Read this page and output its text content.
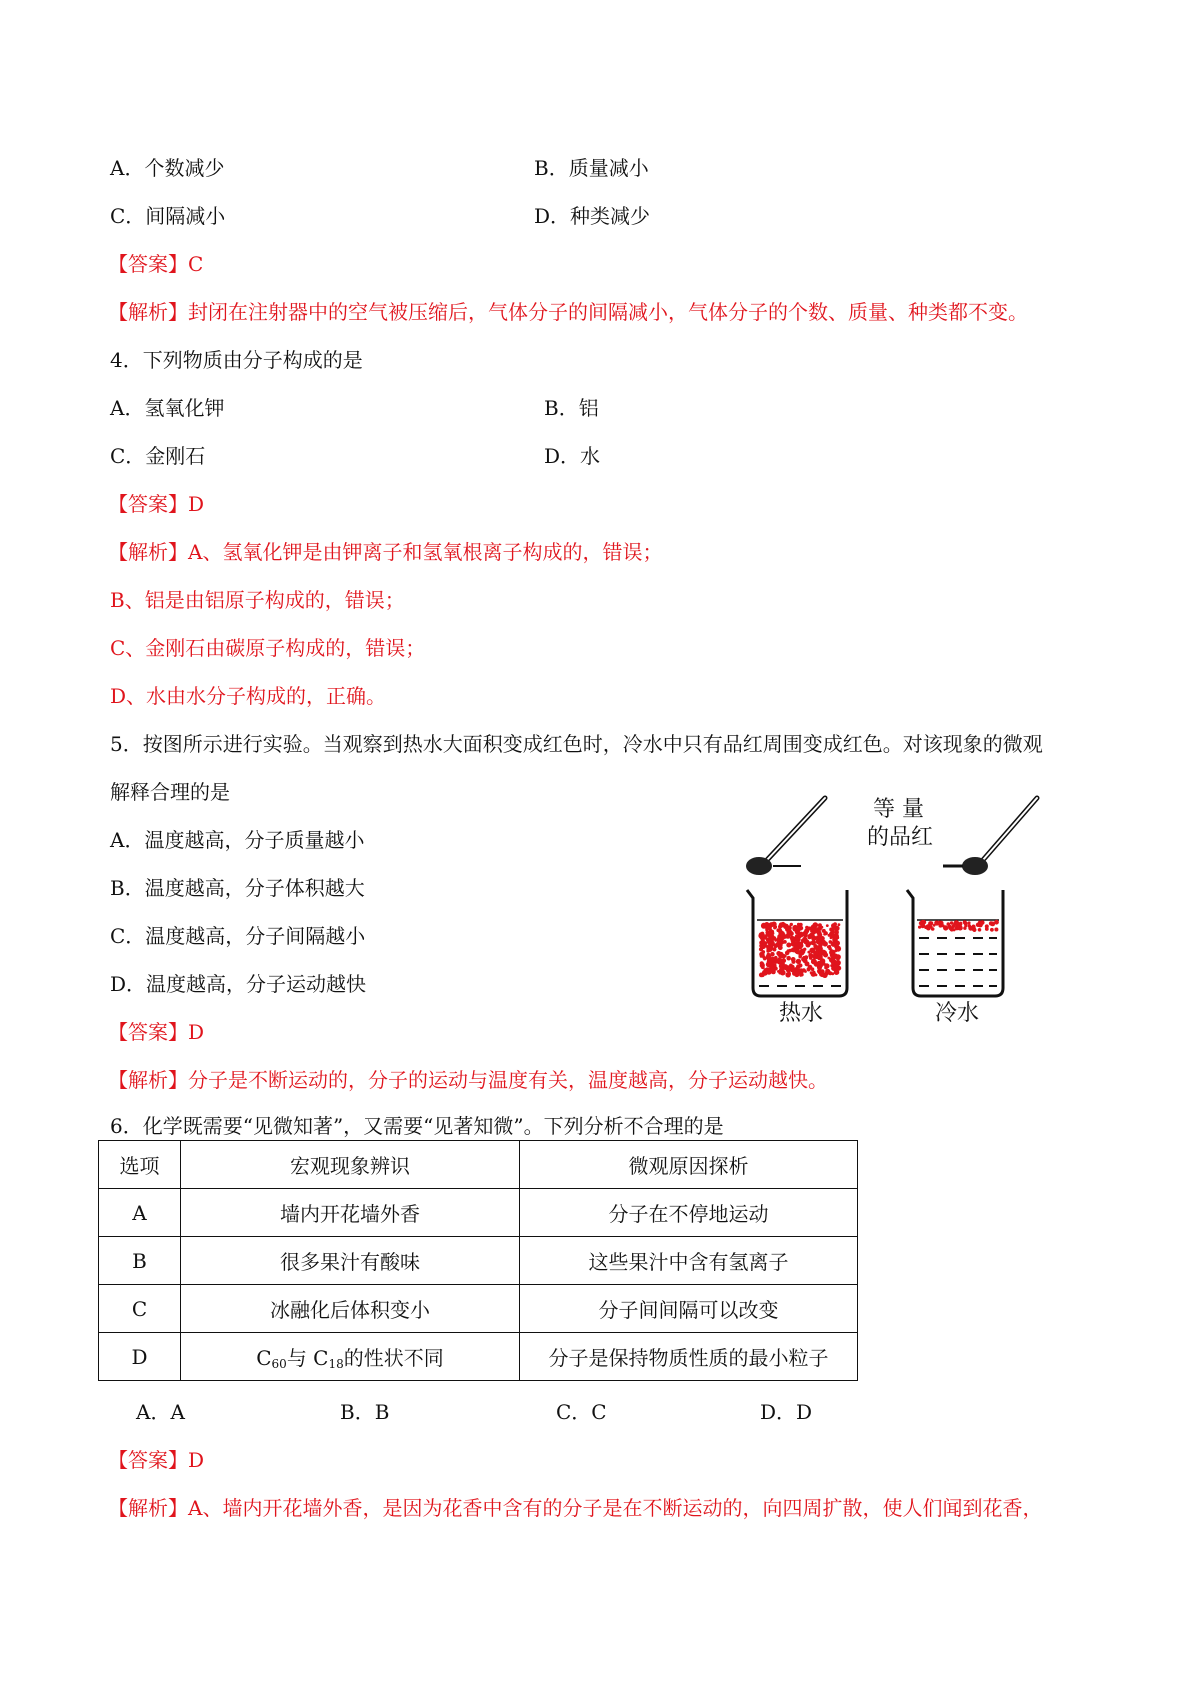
A．个数减少	B．质量减小
C．间隔减小	D．种类减少
【答案】C
【解析】封闭在注射器中的空气被压缩后，气体分子的间隔减小，气体分子的个数、质量、种类都不变。
4．下列物质由分子构成的是
A．氢氧化钾	B．铝
C．金刚石	D．水
【答案】D
【解析】A、氢氧化钾是由钾离子和氢氧根离子构成的，错误；
B、铝是由铝原子构成的，错误；
C、金刚石由碳原子构成的，错误；
D、水由水分子构成的，正确。
5．按图所示进行实验。当观察到热水大面积变成红色时，冷水中只有品红周围变成红色。对该现象的微观
解释合理的是
A．温度越高，分子质量越小
B．温度越高，分子体积越大
C．温度越高，分子间隔越小
D．温度越高，分子运动越快
等 量
的品红
热水	冷水
【答案】D
【解析】分子是不断运动的，分子的运动与温度有关，温度越高，分子运动越快。
6．化学既需要“见微知著”，又需要“见著知微”。下列分析不合理的是
选项	宏观现象辨识	微观原因探析
A	墙内开花墙外香	分子在不停地运动
B	很多果汁有酸味	这些果汁中含有氢离子
C	冰融化后体积变小	分子间间隔可以改变
D	$C_{60}$与 $C_{18}$的性状不同	分子是保持物质性质的最小粒子
A．A	B．B	C．C	D．D
【答案】D
【解析】A、墙内开花墙外香，是因为花香中含有的分子是在不断运动的，向四周扩散，使人们闻到花香，
